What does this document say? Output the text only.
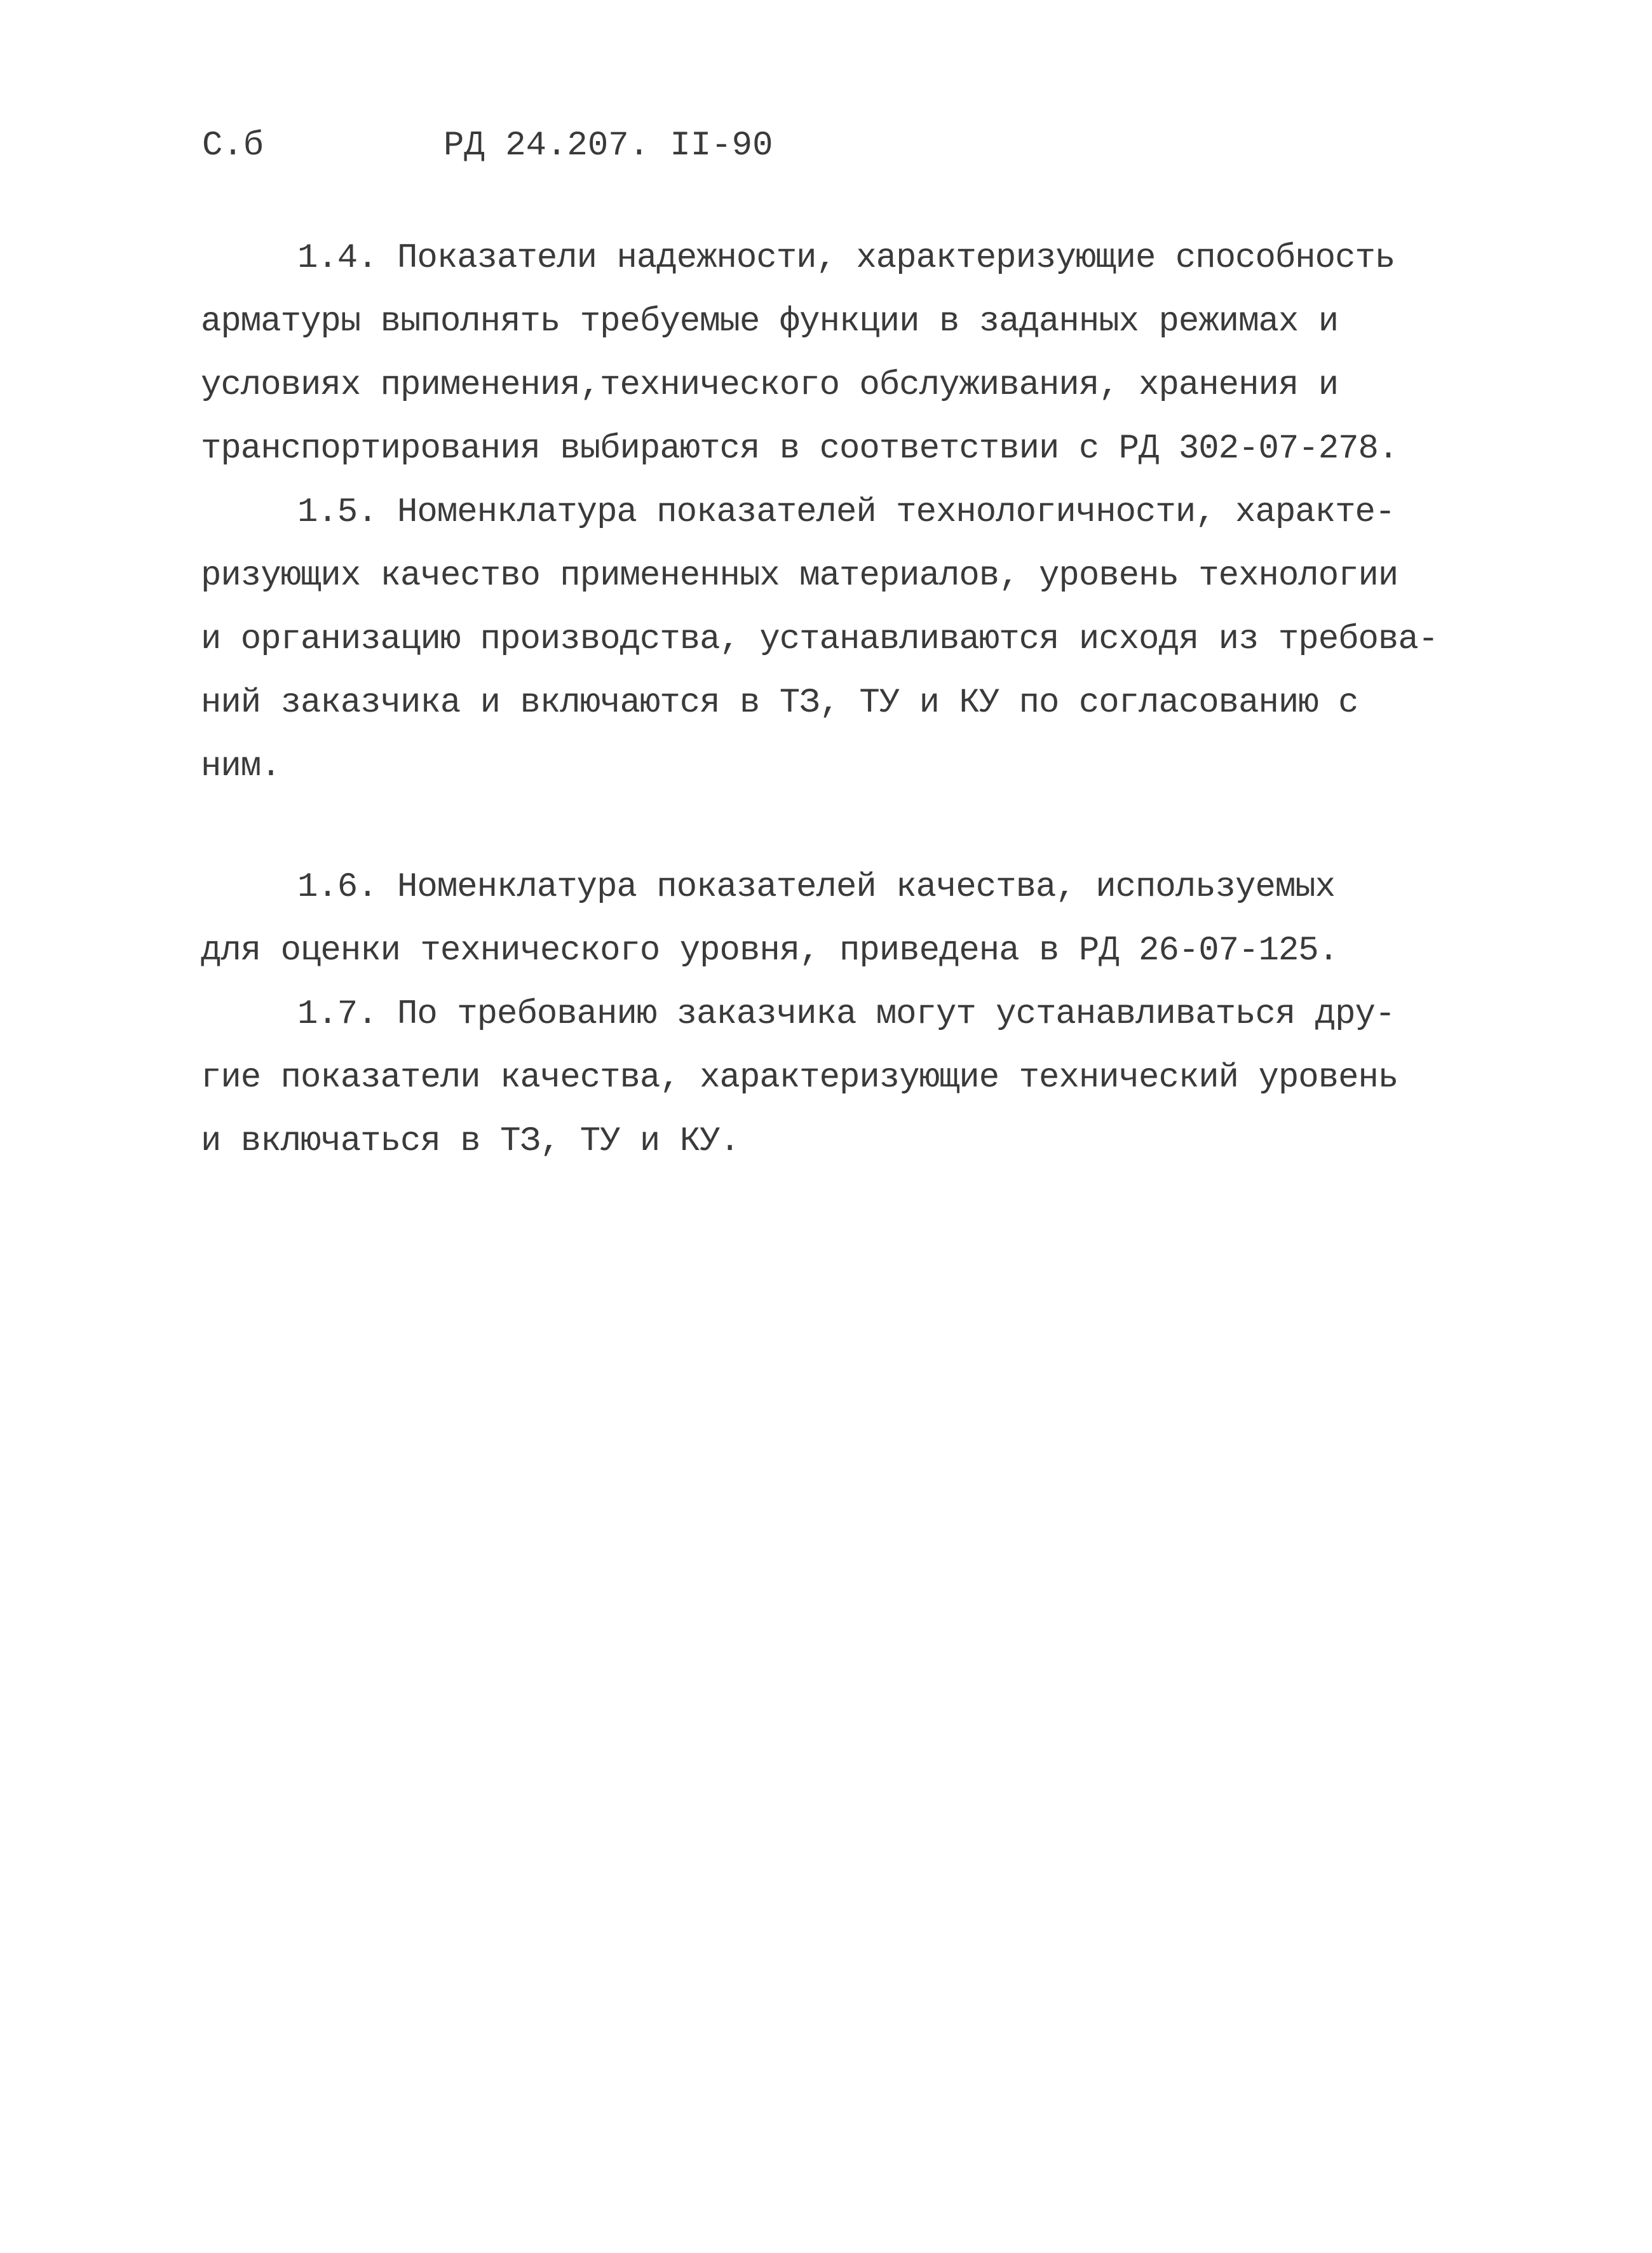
С.б	РД 24.207. II-90
1.4. Показатели надежности, характеризующие способность
арматуры выполнять требуемые функции в заданных режимах и
условиях применения,технического обслуживания, хранения и
транспортирования выбираются в соответствии с РД 302-07-278.
1.5. Номенклатура показателей технологичности, характе-
ризующих качество примененных материалов, уровень технологии
и организацию производства, устанавливаются исходя из требова-
ний заказчика и включаются в ТЗ, ТУ и КУ по согласованию с
ним.
1.6. Номенклатура показателей качества, используемых
для оценки технического уровня, приведена в РД 26-07-125.
1.7. По требованию заказчика могут устанавливаться дру-
гие показатели качества, характеризующие технический уровень
и включаться в ТЗ, ТУ и КУ.
